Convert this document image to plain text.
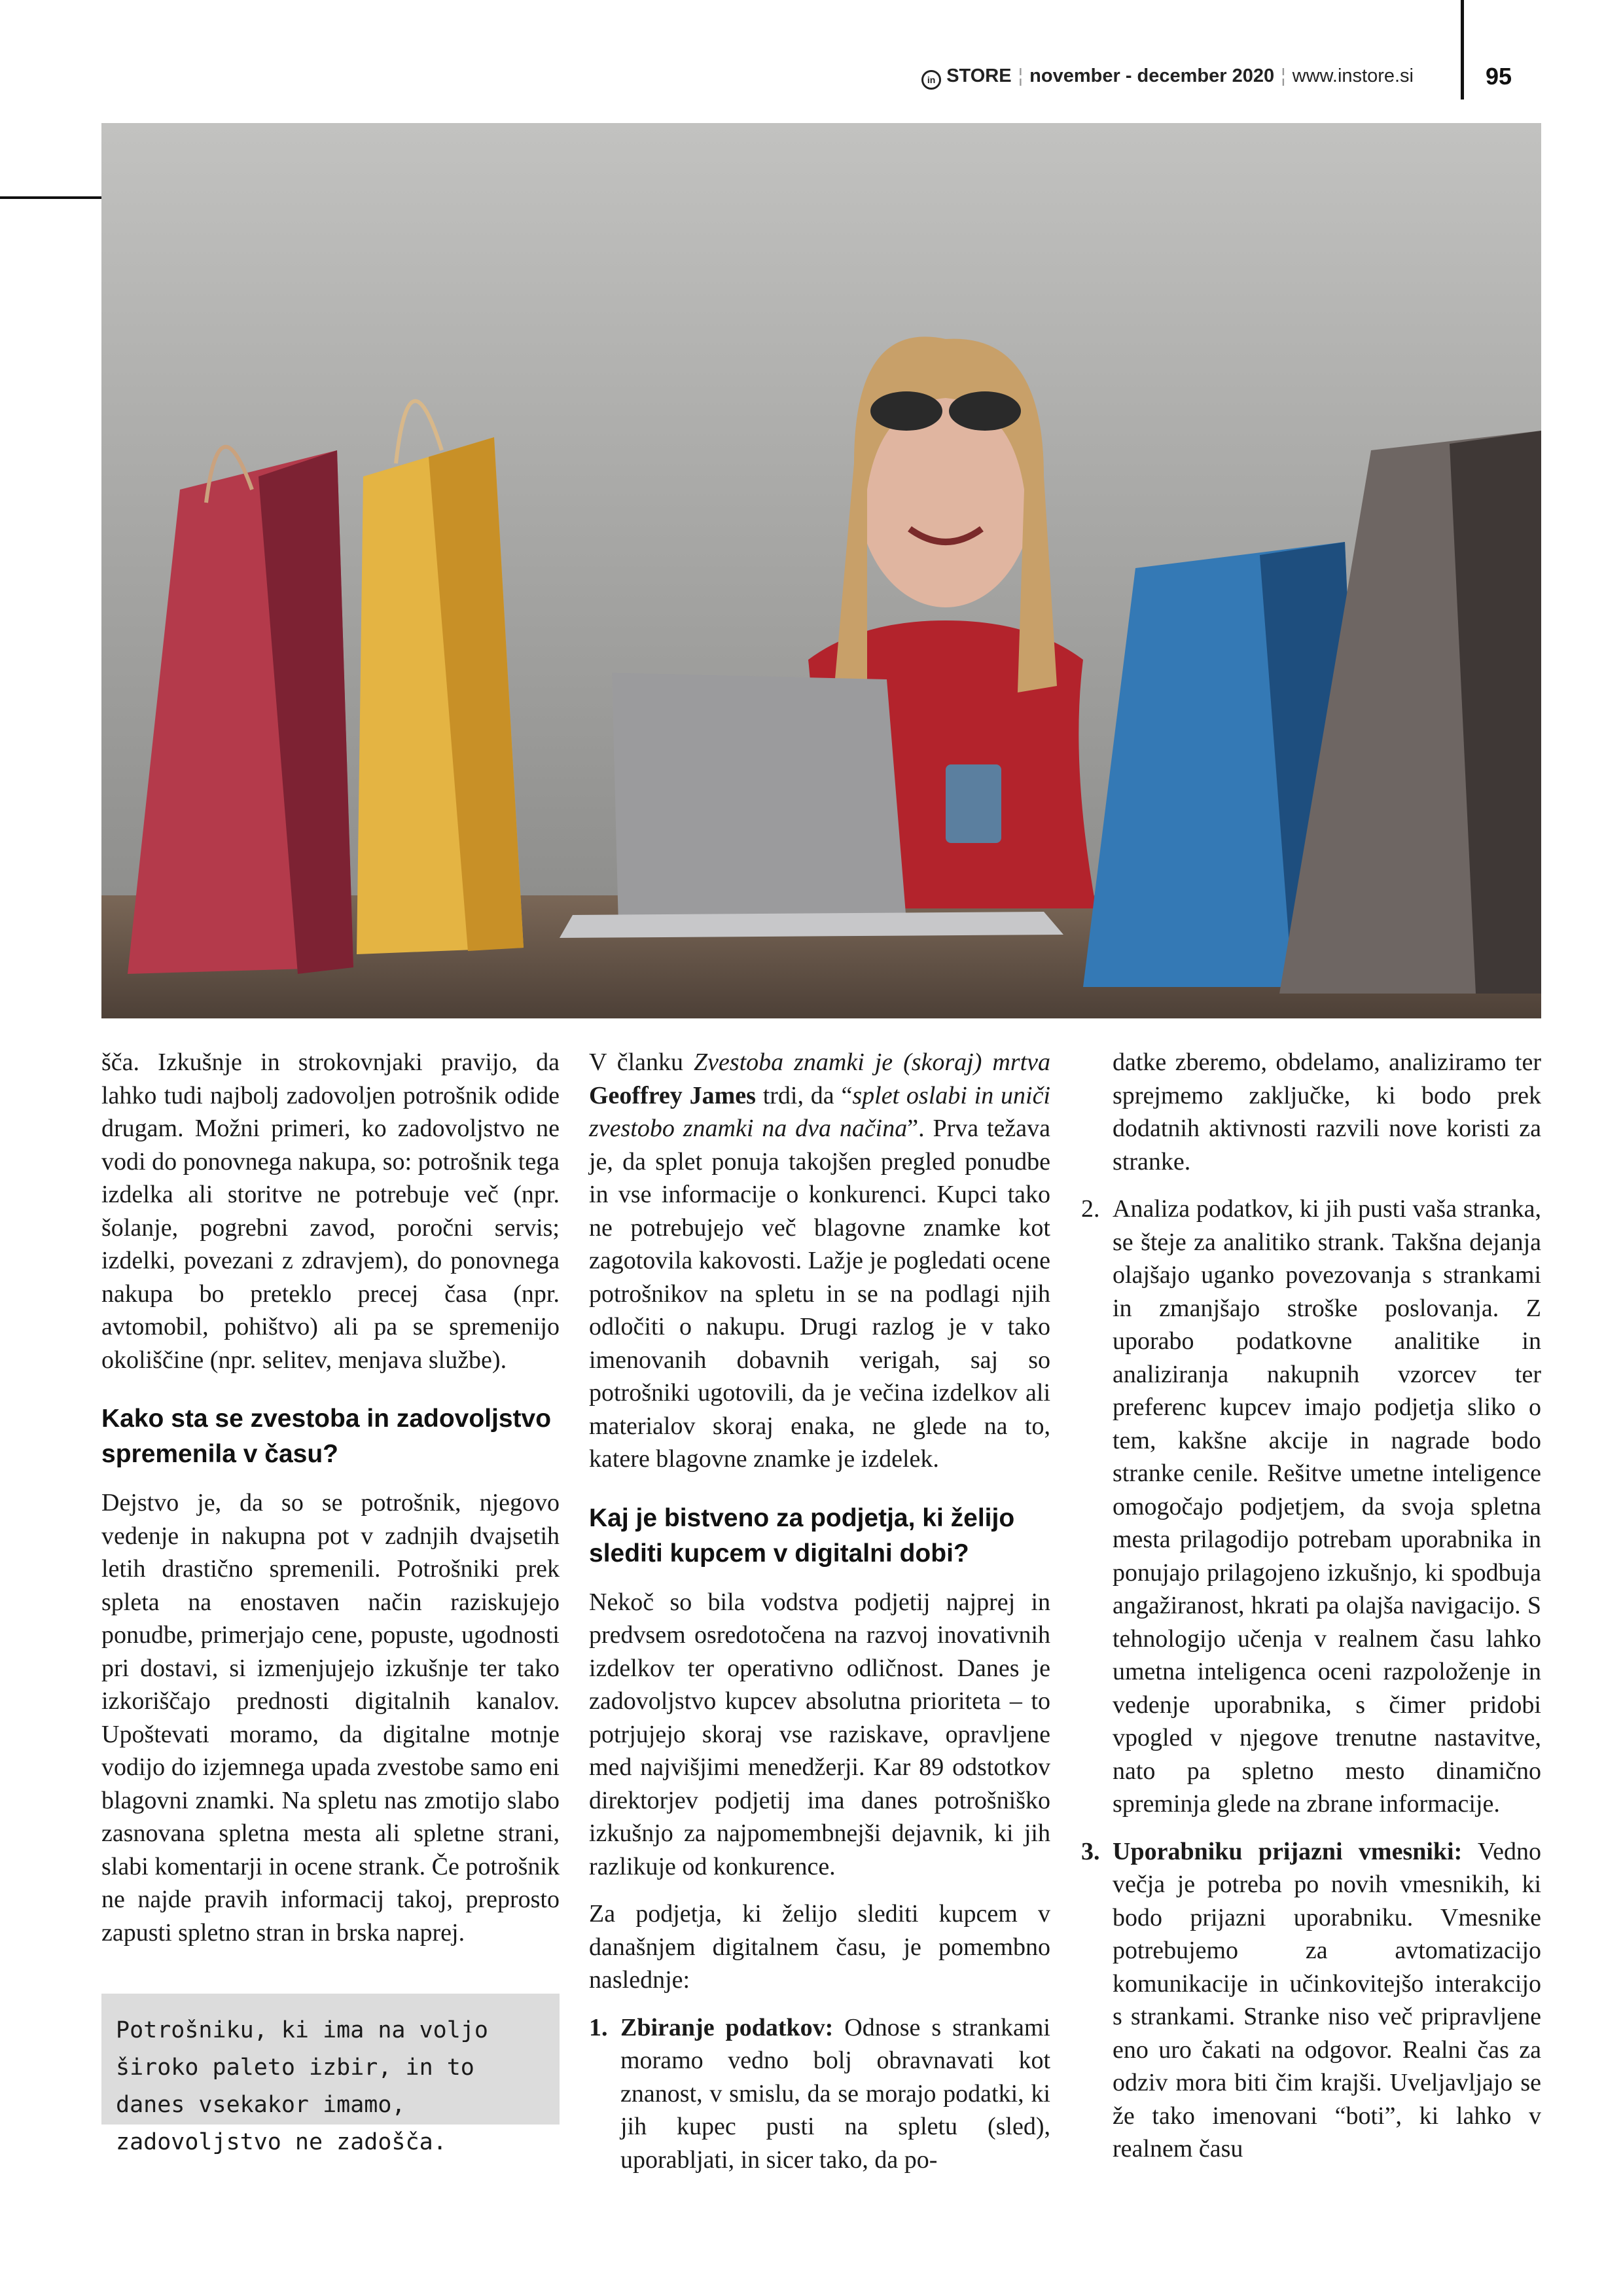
in STORE ¦ november - december 2020 ¦ www.instore.si	95

šča. Izkušnje in strokovnjaki pravijo, da lahko tudi najbolj zadovoljen potrošnik odide drugam. Možni primeri, ko zadovoljstvo ne vodi do ponovnega nakupa, so: potrošnik tega izdelka ali storitve ne potrebuje več (npr. šolanje, pogrebni zavod, poročni servis; izdelki, povezani z zdravjem), do ponovnega nakupa bo preteklo precej časa (npr. avtomobil, pohištvo) ali pa se spremenijo okoliščine (npr. selitev, menjava službe).

Kako sta se zvestoba in zadovoljstvo spremenila v času?

Dejstvo je, da so se potrošnik, njegovo vedenje in nakupna pot v zadnjih dvajsetih letih drastično spremenili. Potrošniki prek spleta na enostaven način raziskujejo ponudbe, primerjajo cene, popuste, ugodnosti pri dostavi, si izmenjujejo izkušnje ter tako izkoriščajo prednosti digitalnih kanalov. Upoštevati moramo, da digitalne motnje vodijo do izjemnega upada zvestobe samo eni blagovni znamki. Na spletu nas zmotijo slabo zasnovana spletna mesta ali spletne strani, slabi komentarji in ocene strank. Če potrošnik ne najde pravih informacij takoj, preprosto zapusti spletno stran in brska naprej.

Potrošniku, ki ima na voljo široko paleto izbir, in to danes vsekakor imamo, zadovoljstvo ne zadošča.

V članku Zvestoba znamki je (skoraj) mrtva Geoffrey James trdi, da “splet oslabi in uniči zvestobo znamki na dva načina”. Prva težava je, da splet ponuja takojšen pregled ponudbe in vse informacije o konkurenci. Kupci tako ne potrebujejo več blagovne znamke kot zagotovila kakovosti. Lažje je pogledati ocene potrošnikov na spletu in se na podlagi njih odločiti o nakupu. Drugi razlog je v tako imenovanih dobavnih verigah, saj so potrošniki ugotovili, da je večina izdelkov ali materialov skoraj enaka, ne glede na to, katere blagovne znamke je izdelek.

Kaj je bistveno za podjetja, ki želijo slediti kupcem v digitalni dobi?

Nekoč so bila vodstva podjetij najprej in predvsem osredotočena na razvoj inovativnih izdelkov ter operativno odličnost. Danes je zadovoljstvo kupcev absolutna prioriteta – to potrjujejo skoraj vse raziskave, opravljene med najvišjimi menedžerji. Kar 89 odstotkov direktorjev podjetij ima danes potrošniško izkušnjo za najpomembnejši dejavnik, ki jih razlikuje od konkurence.

Za podjetja, ki želijo slediti kupcem v današnjem digitalnem času, je pomembno naslednje:

1. Zbiranje podatkov: Odnose s strankami moramo vedno bolj obravnavati kot znanost, v smislu, da se morajo podatki, ki jih kupec pusti na spletu (sled), uporabljati, in sicer tako, da po-

datke zberemo, obdelamo, analiziramo ter sprejmemo zaključke, ki bodo prek dodatnih aktivnosti razvili nove koristi za stranke.

2. Analiza podatkov, ki jih pusti vaša stranka, se šteje za analitiko strank. Takšna dejanja olajšajo uganko povezovanja s strankami in zmanjšajo stroške poslovanja. Z uporabo podatkovne analitike in analiziranja nakupnih vzorcev ter preferenc kupcev imajo podjetja sliko o tem, kakšne akcije in nagrade bodo stranke cenile. Rešitve umetne inteligence omogočajo podjetjem, da svoja spletna mesta prilagodijo potrebam uporabnika in ponujajo prilagojeno izkušnjo, ki spodbuja angažiranost, hkrati pa olajša navigacijo. S tehnologijo učenja v realnem času lahko umetna inteligenca oceni razpoloženje in vedenje uporabnika, s čimer pridobi vpogled v njegove trenutne nastavitve, nato pa spletno mesto dinamično spreminja glede na zbrane informacije.
3. Uporabniku prijazni vmesniki: Vedno večja je potreba po novih vmesnikih, ki bodo prijazni uporabniku. Vmesnike potrebujemo za avtomatizacijo komunikacije in učinkovitejšo interakcijo s strankami. Stranke niso več pripravljene eno uro čakati na odgovor. Realni čas za odziv mora biti čim krajši. Uveljavljajo se že tako imenovani “boti”, ki lahko v realnem času
